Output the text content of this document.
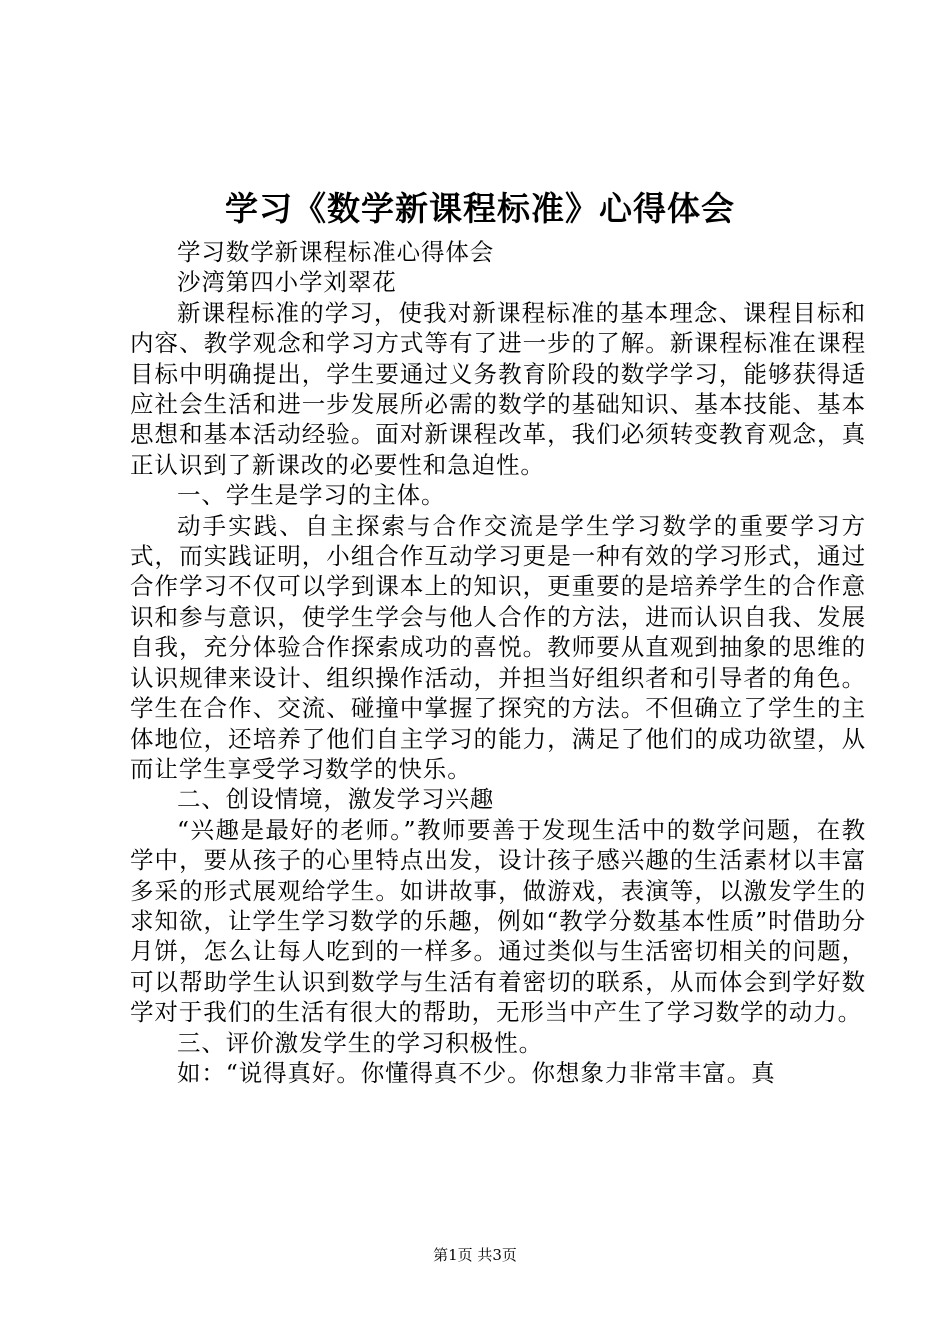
学习《数学新课程标准》心得体会

学习数学新课程标准心得体会

沙湾第四小学刘翠花

新课程标准的学习，使我对新课程标准的基本理念、课程目标和内容、教学观念和学习方式等有了进一步的了解。新课程标准在课程目标中明确提出，学生要通过义务教育阶段的数学学习，能够获得适应社会生活和进一步发展所必需的数学的基础知识、基本技能、基本思想和基本活动经验。面对新课程改革，我们必须转变教育观念，真正认识到了新课改的必要性和急迫性。

一、学生是学习的主体。

动手实践、自主探索与合作交流是学生学习数学的重要学习方式，而实践证明，小组合作互动学习更是一种有效的学习形式，通过合作学习不仅可以学到课本上的知识，更重要的是培养学生的合作意识和参与意识，使学生学会与他人合作的方法，进而认识自我、发展自我，充分体验合作探索成功的喜悦。教师要从直观到抽象的思维的认识规律来设计、组织操作活动，并担当好组织者和引导者的角色。学生在合作、交流、碰撞中掌握了探究的方法。不但确立了学生的主体地位，还培养了他们自主学习的能力，满足了他们的成功欲望，从而让学生享受学习数学的快乐。

二、创设情境，激发学习兴趣

“兴趣是最好的老师。”教师要善于发现生活中的数学问题，在教学中，要从孩子的心里特点出发，设计孩子感兴趣的生活素材以丰富多采的形式展观给学生。如讲故事，做游戏，表演等，以激发学生的求知欲，让学生学习数学的乐趣，例如“教学分数基本性质”时借助分月饼，怎么让每人吃到的一样多。通过类似与生活密切相关的问题，可以帮助学生认识到数学与生活有着密切的联系，从而体会到学好数学对于我们的生活有很大的帮助，无形当中产生了学习数学的动力。

三、评价激发学生的学习积极性。

如：“说得真好。你懂得真不少。你想象力非常丰富。真

第1页 共3页
